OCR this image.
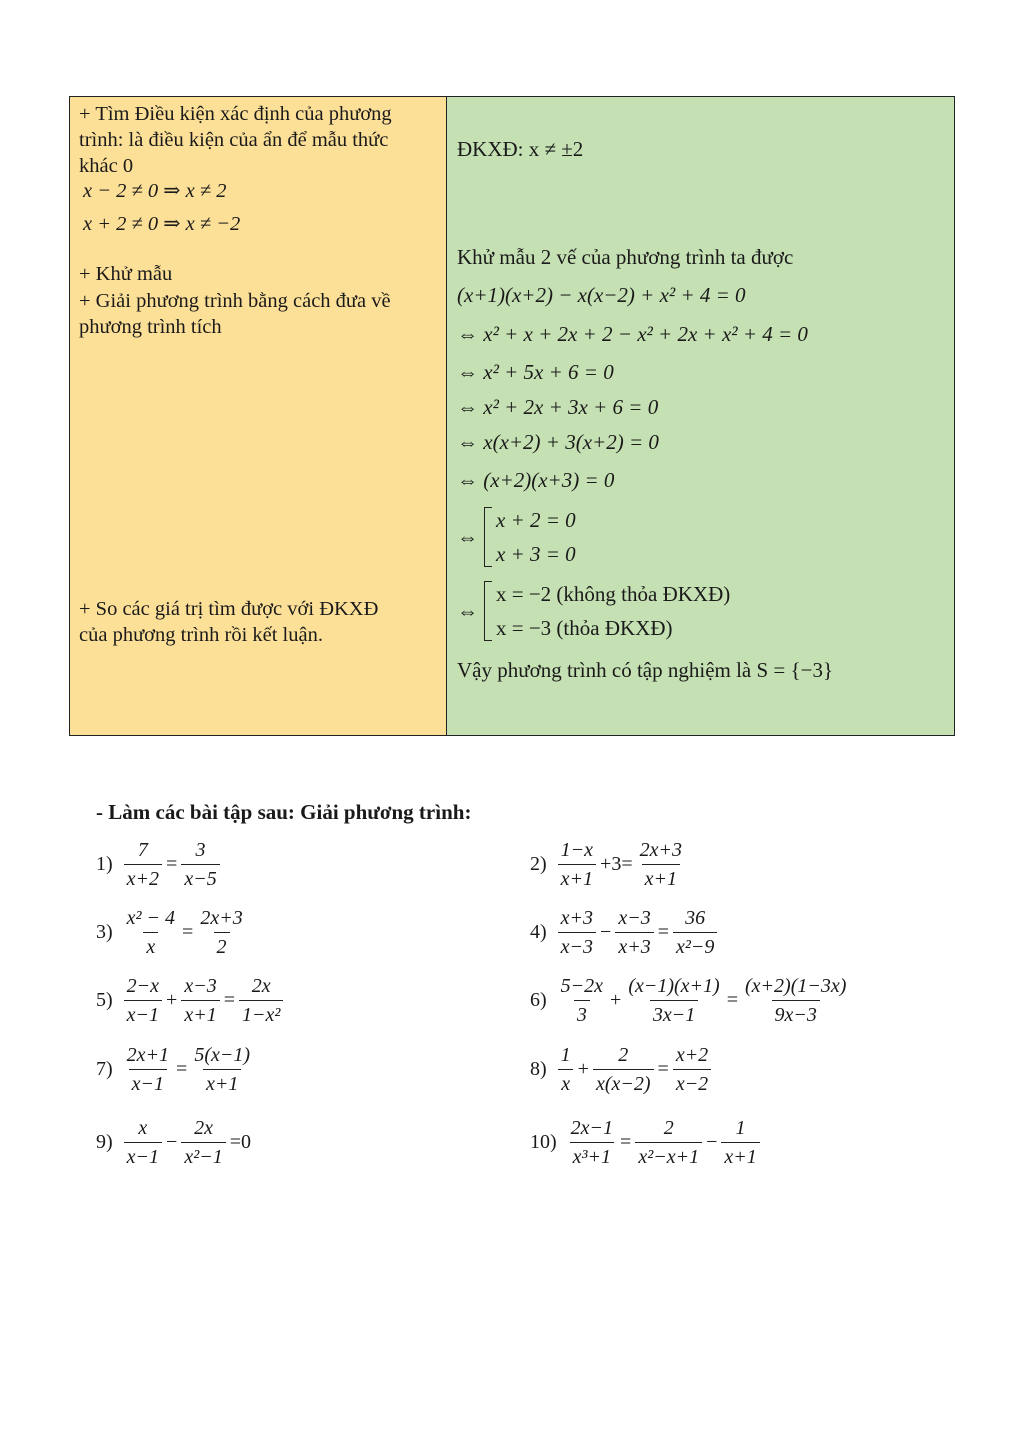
+ Tìm Điều kiện xác định của phương
trình: là điều kiện của ẩn để mẫu thức
khác 0
x − 2 ≠ 0 ⇒ x ≠ 2
x + 2 ≠ 0 ⇒ x ≠ −2
+ Khử mẫu
+ Giải phương trình bằng cách đưa về
phương trình tích
+ So các giá trị tìm được với ĐKXĐ
của phương trình rồi kết luận.
ĐKXĐ: x ≠ ±2
Khử mẫu 2 vế của phương trình ta được
(x+1)(x+2) − x(x−2) + x² + 4 = 0
⇔ x² + x + 2x + 2 − x² + 2x + x² + 4 = 0
⇔ x² + 5x + 6 = 0
⇔ x² + 2x + 3x + 6 = 0
⇔ x(x+2) + 3(x+2) = 0
⇔ (x+2)(x+3) = 0
⇔
x + 2 = 0
x + 3 = 0
⇔
x = −2 (không thỏa ĐKXĐ)
x = −3 (thỏa ĐKXĐ)
Vậy phương trình có tập nghiệm là S = {−3}
- Làm các bài tập sau: Giải phương trình:
$1) \frac{7}{x+2} = \frac{3}{x-5}$	$2) \frac{1-x}{x+1} +3= \frac{2x+3}{x+1}$
$3) \frac{\text{x² − 4}}{x} = \frac{2x+3}{2}$	$4) \frac{x+3}{x-3} - \frac{x-3}{x+3} = \frac{36}{\text{x²−9}}$
$5) \frac{2-x}{x-1} + \frac{x-3}{x+1} = \frac{2x}{\text{1−x²}}$	$6) \frac{5-2x}{3} + \frac{(x-1)(x+1)}{3x-1} = \frac{(x+2)(1-3x)}{9x-3}$
$7) \frac{2x+1}{x-1} = \frac{5(x-1)}{x+1}$	$8) \frac{1}{x} + \frac{2}{x(x-2)} = \frac{x+2}{x-2}$
$9) \frac{x}{x-1} - \frac{2x}{\text{x²−1}} =0$	$10) \frac{2x-1}{\text{x³+1}} = \frac{2}{\text{x²−x+1}} - \frac{1}{x+1}$
